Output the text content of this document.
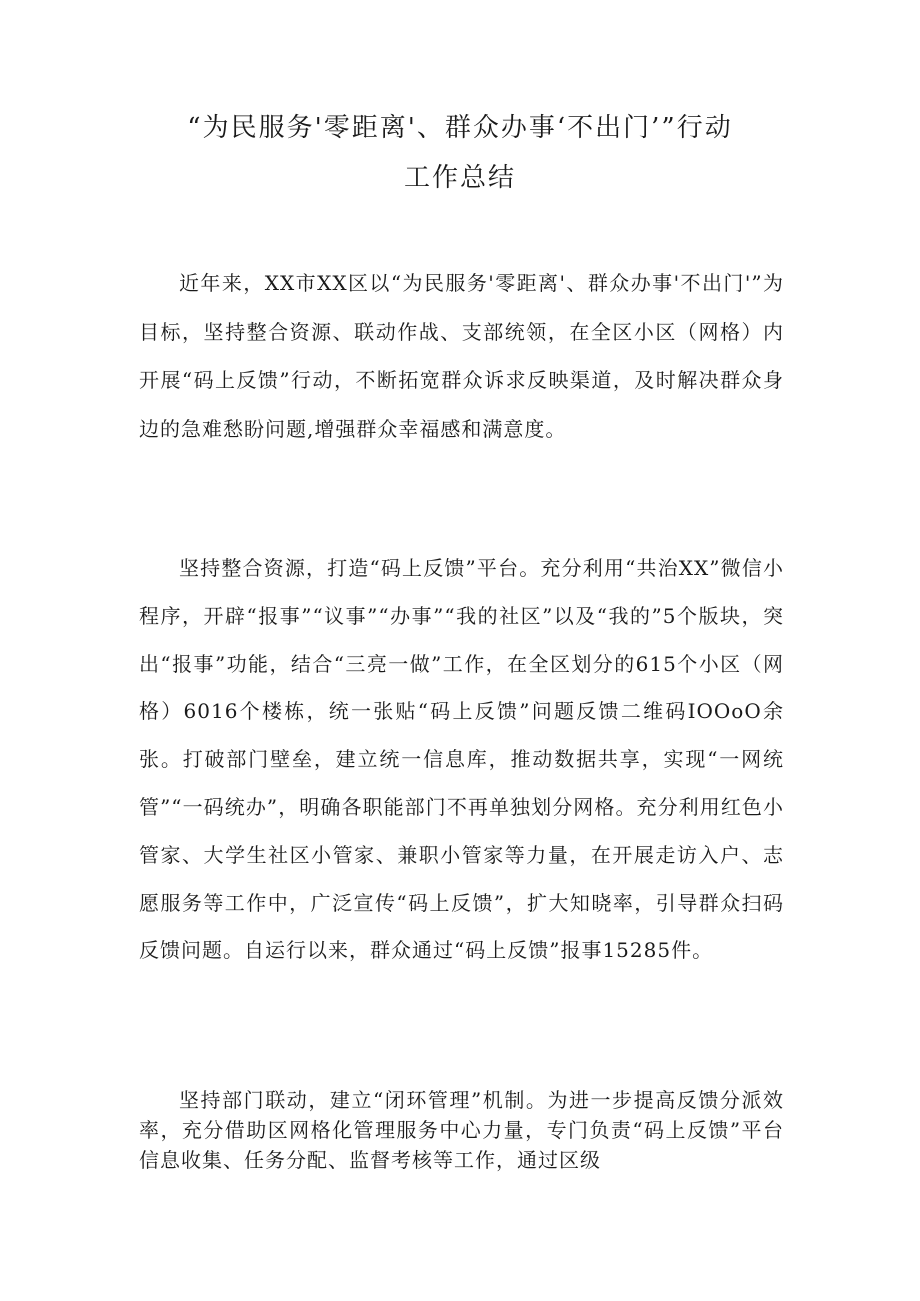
“为民服务'零距离'、群众办事‘不出门’”行动
工作总结

近年来，XX市XX区以“为民服务'零距离'、群众办事'不出门'”为目标，坚持整合资源、联动作战、支部统领，在全区小区（网格）内开展“码上反馈”行动，不断拓宽群众诉求反映渠道，及时解决群众身边的急难愁盼问题,增强群众幸福感和满意度。

坚持整合资源，打造“码上反馈”平台。充分利用“共治XX”微信小程序，开辟“报事”“议事”“办事”“我的社区”以及“我的”5个版块，突出“报事”功能，结合“三亮一做”工作，在全区划分的615个小区（网格）6016个楼栋，统一张贴“码上反馈”问题反馈二维码IOOoO余张。打破部门壁垒，建立统一信息库，推动数据共享，实现“一网统管”“一码统办”，明确各职能部门不再单独划分网格。充分利用红色小管家、大学生社区小管家、兼职小管家等力量，在开展走访入户、志愿服务等工作中，广泛宣传“码上反馈”，扩大知晓率，引导群众扫码反馈问题。自运行以来，群众通过“码上反馈”报事15285件。

坚持部门联动，建立“闭环管理”机制。为进一步提高反馈分派效率，充分借助区网格化管理服务中心力量，专门负责“码上反馈”平台信息收集、任务分配、监督考核等工作，通过区级
